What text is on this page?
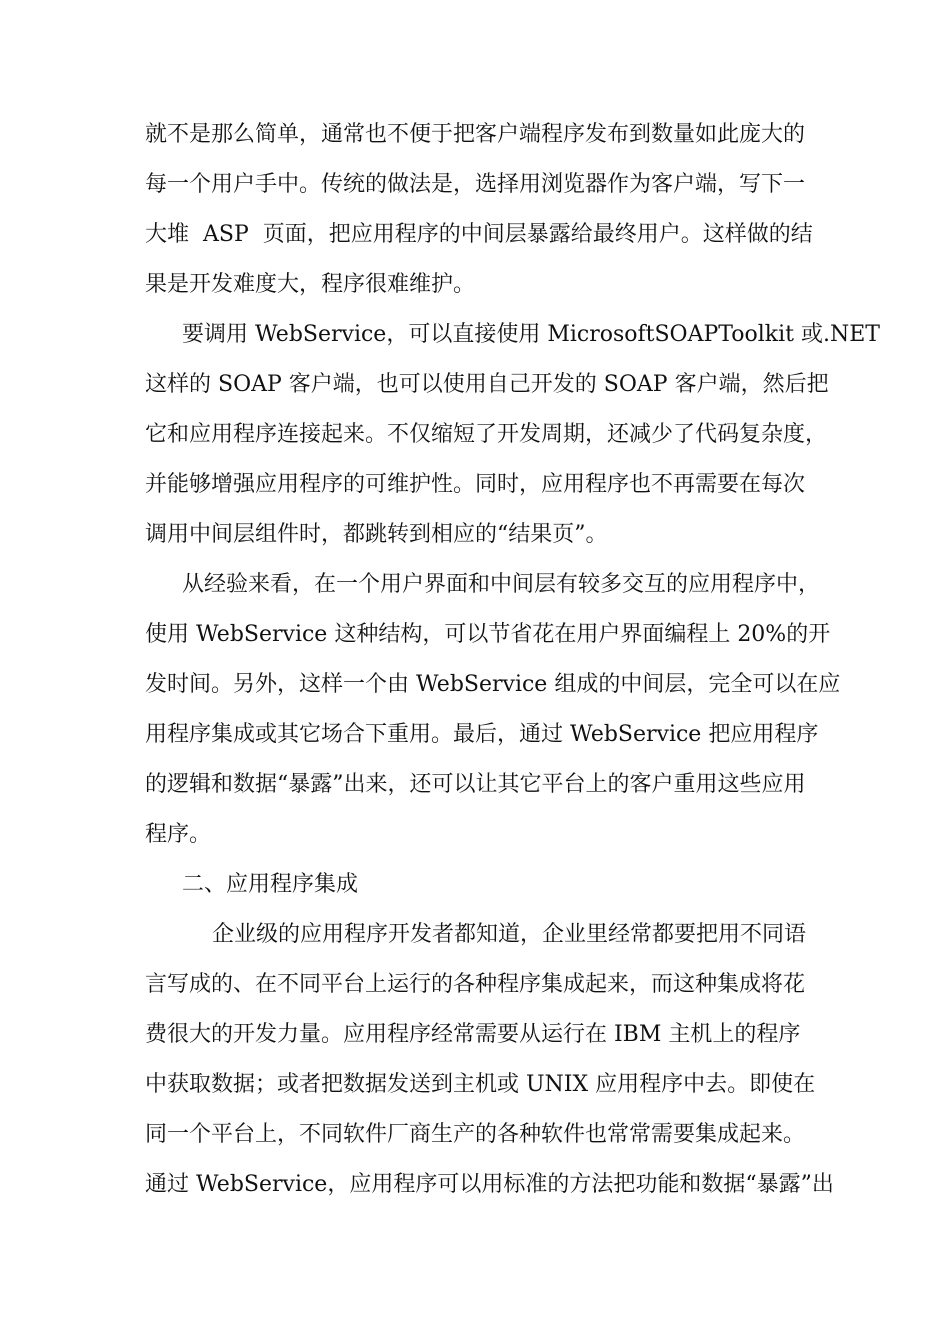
就不是那么简单，通常也不便于把客户端程序发布到数量如此庞大的
每一个用户手中。传统的做法是，选择用浏览器作为客户端，写下一
大堆  ASP  页面，把应用程序的中间层暴露给最终用户。这样做的结
果是开发难度大，程序很难维护。
要调用 WebService，可以直接使用 MicrosoftSOAPToolkit 或.NET
这样的 SOAP 客户端，也可以使用自己开发的 SOAP 客户端，然后把
它和应用程序连接起来。不仅缩短了开发周期，还减少了代码复杂度，
并能够增强应用程序的可维护性。同时，应用程序也不再需要在每次
调用中间层组件时，都跳转到相应的“结果页”。
从经验来看，在一个用户界面和中间层有较多交互的应用程序中，
使用 WebService 这种结构，可以节省花在用户界面编程上 20%的开
发时间。另外，这样一个由 WebService 组成的中间层，完全可以在应
用程序集成或其它场合下重用。最后，通过 WebService 把应用程序
的逻辑和数据“暴露”出来，还可以让其它平台上的客户重用这些应用
程序。
二、应用程序集成
企业级的应用程序开发者都知道，企业里经常都要把用不同语
言写成的、在不同平台上运行的各种程序集成起来，而这种集成将花
费很大的开发力量。应用程序经常需要从运行在 IBM 主机上的程序
中获取数据；或者把数据发送到主机或 UNIX 应用程序中去。即使在
同一个平台上，不同软件厂商生产的各种软件也常常需要集成起来。
通过 WebService，应用程序可以用标准的方法把功能和数据“暴露”出
